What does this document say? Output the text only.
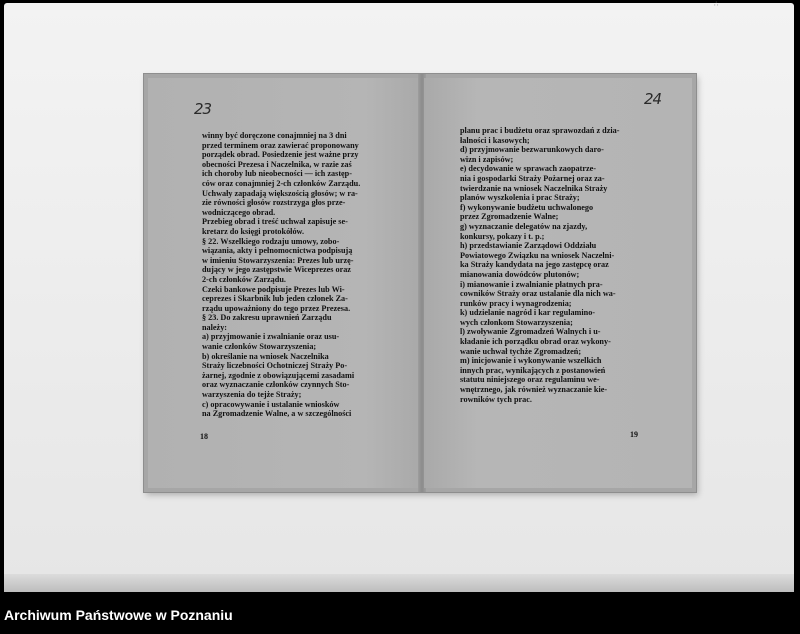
∴
23

winny być doręczone conajmniej na 3 dni

przed terminem oraz zawierać proponowany

porządek obrad. Posiedzenie jest ważne przy

obecności Prezesa i Naczelnika, w razie zaś

ich choroby lub nieobecności — ich zastęp-

ców oraz conajmniej 2-ch członków Zarządu.

Uchwały zapadają większością głosów; w ra-

zie równości głosów rozstrzyga głos prze-

wodniczącego obrad.

Przebieg obrad i treść uchwał zapisuje se-

kretarz do księgi protokółów.

§ 22. Wszelkiego rodzaju umowy, zobo-

wiązania, akty i pełnomocnictwa podpisują

w imieniu Stowarzyszenia: Prezes lub urzę-

dujący w jego zastępstwie Wiceprezes oraz

2-ch członków Zarządu.

Czeki bankowe podpisuje Prezes lub Wi-

ceprezes i Skarbnik lub jeden członek Za-

rządu upoważniony do tego przez Prezesa.

§ 23. Do zakresu uprawnień Zarządu

należy:

a) przyjmowanie i zwalnianie oraz usu-

wanie członków Stowarzyszenia;

b) określanie na wniosek Naczelnika

Straży liczebności Ochotniczej Straży Po-

żarnej, zgodnie z obowiązującemi zasadami

oraz wyznaczanie członków czynnych Sto-

warzyszenia do tejże Straży;

c) opracowywanie i ustalanie wniosków

na Zgromadzenie Walne, a w szczególności

18
24

planu prac i budżetu oraz sprawozdań z dzia-

łalności i kasowych;

d) przyjmowanie bezwarunkowych daro-

wizn i zapisów;

e) decydowanie w sprawach zaopatrze-

nia i gospodarki Straży Pożarnej oraz za-

twierdzanie na wniosek Naczelnika Straży

planów wyszkolenia i prac Straży;

f) wykonywanie budżetu uchwalonego

przez Zgromadzenie Walne;

g) wyznaczanie delegatów na zjazdy,

konkursy, pokazy i t. p.;

h) przedstawianie Zarządowi Oddziału

Powiatowego Związku na wniosek Naczelni-

ka Straży kandydata na jego zastępcę oraz

mianowania dowódców plutonów;

i) mianowanie i zwalnianie płatnych pra-

cowników Straży oraz ustalanie dla nich wa-

runków pracy i wynagrodzenia;

k) udzielanie nagród i kar regulamino-

wych członkom Stowarzyszenia;

l) zwoływanie Zgromadzeń Walnych i u-

kładanie ich porządku obrad oraz wykony-

wanie uchwał tychże Zgromadzeń;

m) inicjowanie i wykonywanie wszelkich

innych prac, wynikających z postanowień

statutu niniejszego oraz regulaminu we-

wnętrznego, jak również wyznaczanie kie-

rowników tych prac.

19
Archiwum Państwowe w Poznaniu
